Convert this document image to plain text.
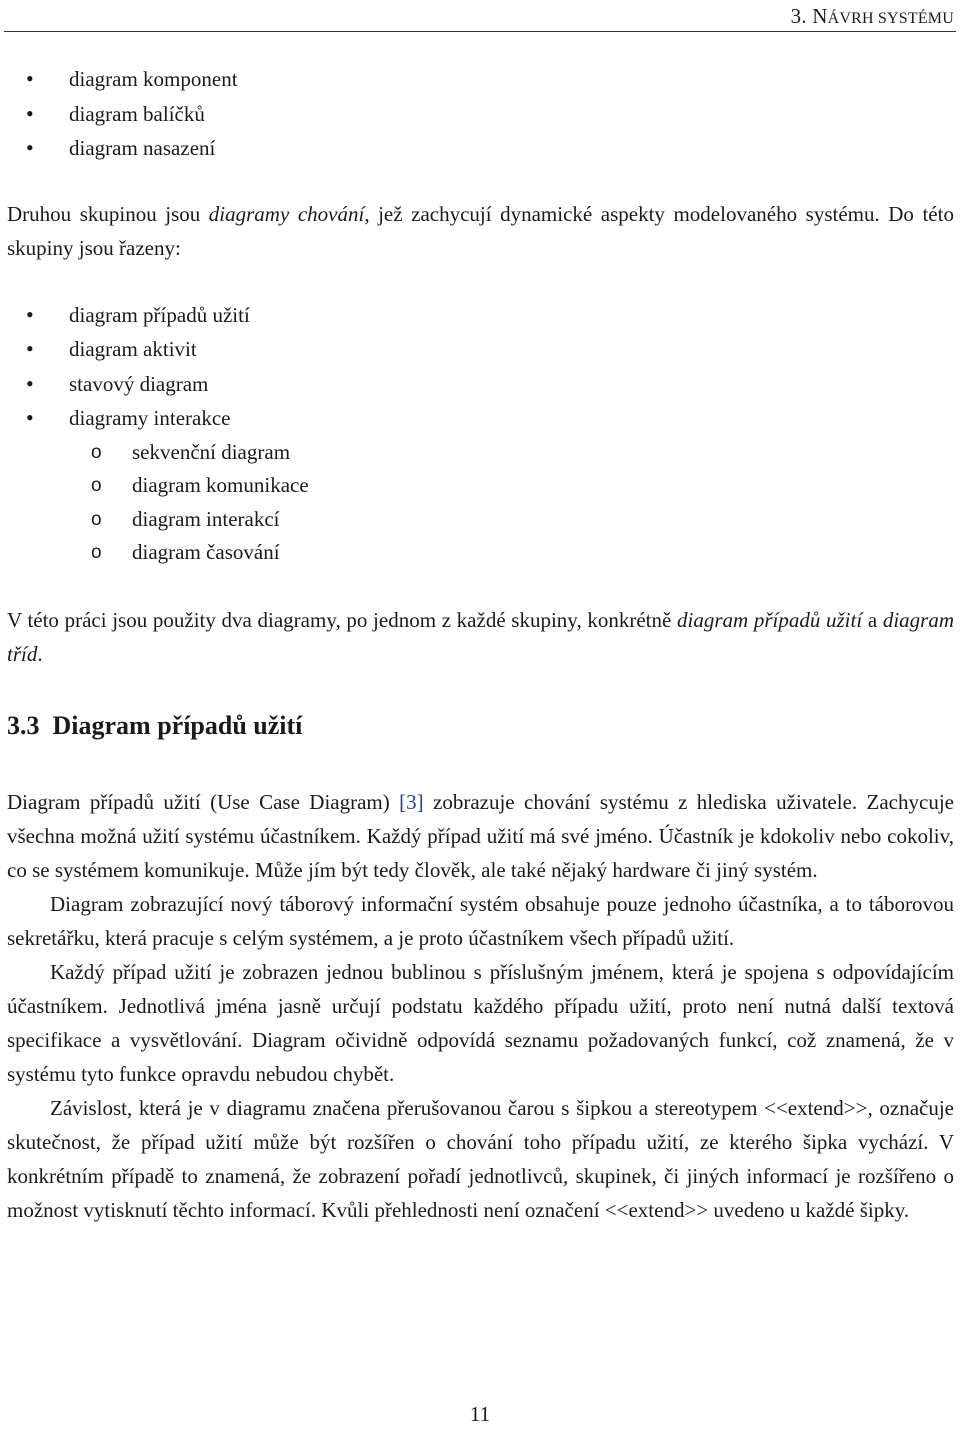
3. NÁVRH SYSTÉMU
• diagram komponent
• diagram balíčků
• diagram nasazení

Druhou skupinou jsou diagramy chování, jež zachycují dynamické aspekty modelovaného systému. Do této skupiny jsou řazeny:

• diagram případů užití
• diagram aktivit
• stavový diagram
• diagramy interakce
o sekvenční diagram
o diagram komunikace
o diagram interakcí
o diagram časování

V této práci jsou použity dva diagramy, po jednom z každé skupiny, konkrétně diagram případů užití a diagram tříd.

3.3 Diagram případů užití

Diagram případů užití (Use Case Diagram) [3] zobrazuje chování systému z hlediska uživatele. Zachycuje všechna možná užití systému účastníkem. Každý případ užití má své jméno. Účastník je kdokoliv nebo cokoliv, co se systémem komunikuje. Může jím být tedy člověk, ale také nějaký hardware či jiný systém.

Diagram zobrazující nový táborový informační systém obsahuje pouze jednoho účastníka, a to táborovou sekretářku, která pracuje s celým systémem, a je proto účastníkem všech případů užití.

Každý případ užití je zobrazen jednou bublinou s příslušným jménem, která je spojena s odpovídajícím účastníkem. Jednotlivá jména jasně určují podstatu každého případu užití, proto není nutná další textová specifikace a vysvětlování. Diagram očividně odpovídá seznamu požadovaných funkcí, což znamená, že v systému tyto funkce opravdu nebudou chybět.

Závislost, která je v diagramu značena přerušovanou čarou s šipkou a stereotypem <<extend>>, označuje skutečnost, že případ užití může být rozšířen o chování toho případu užití, ze kterého šipka vychází. V konkrétním případě to znamená, že zobrazení pořadí jednotlivců, skupinek, či jiných informací je rozšířeno o možnost vytisknutí těchto informací. Kvůli přehlednosti není označení <<extend>> uvedeno u každé šipky.

11
